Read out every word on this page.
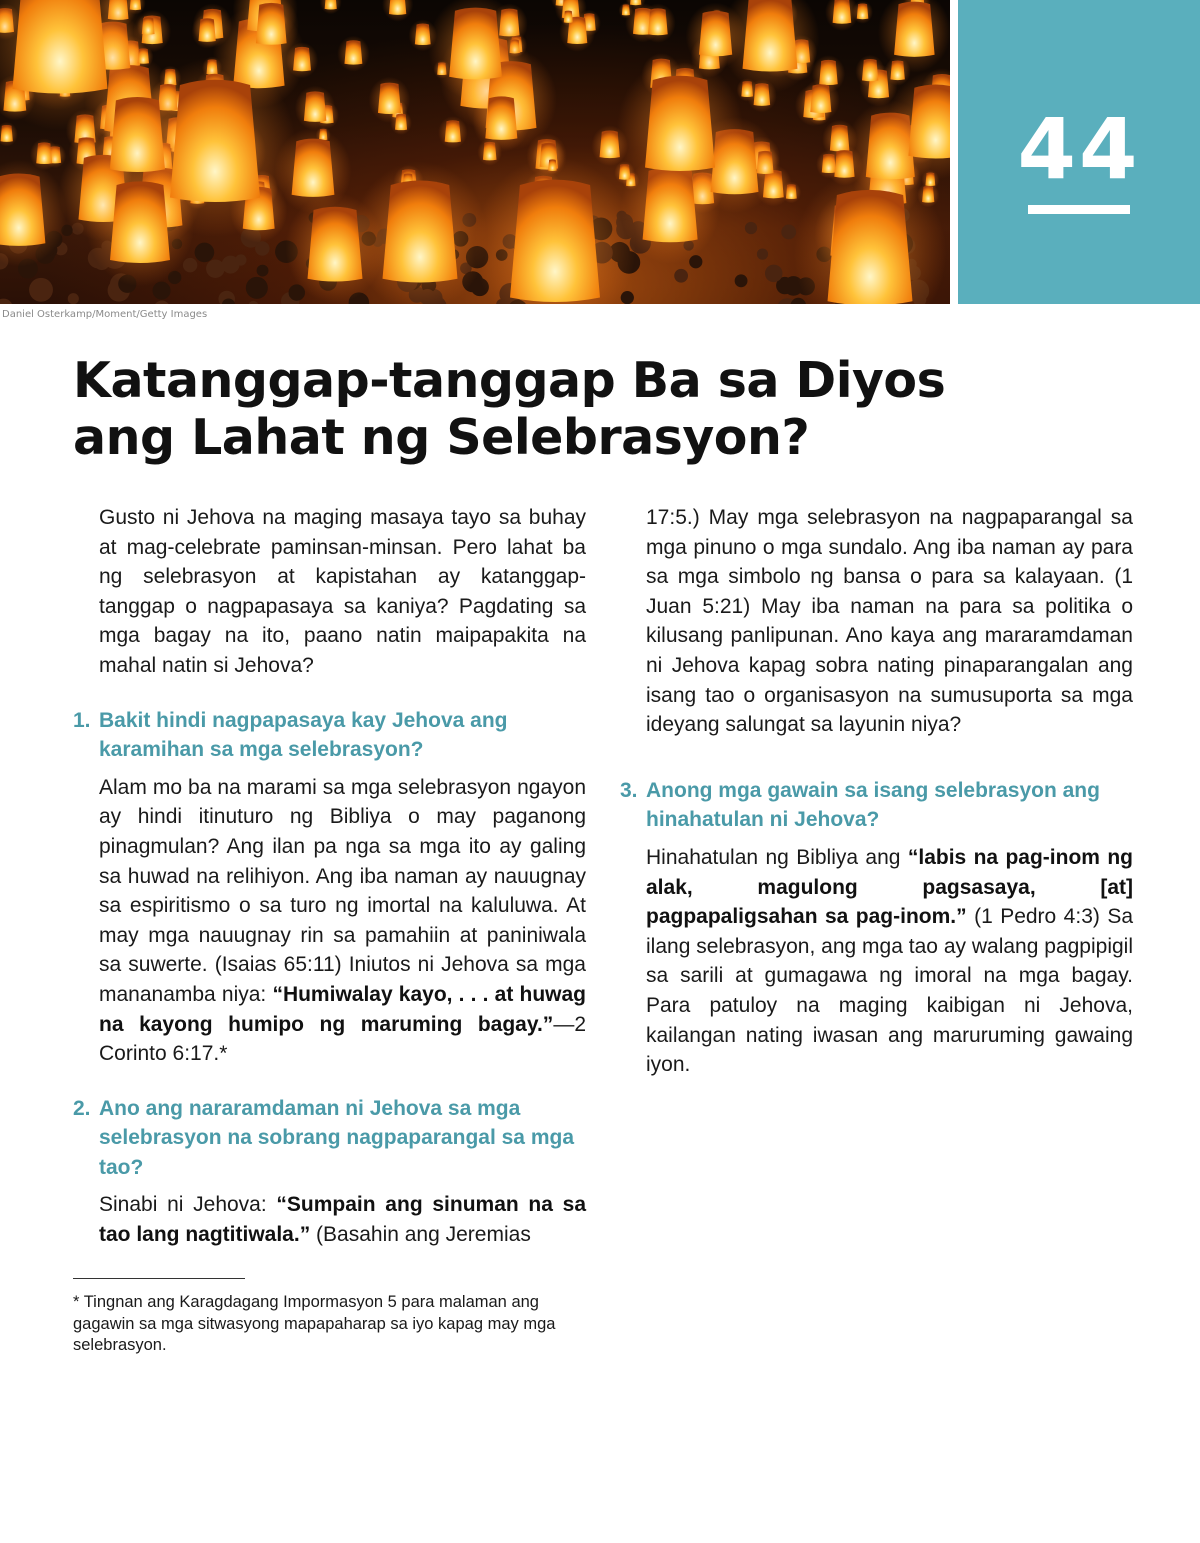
44
Daniel Osterkamp/Moment/Getty Images
Katanggap-tanggap Ba sa Diyos
ang Lahat ng Selebrasyon?

Gusto ni Jehova na maging masaya tayo sa buhay at mag-celebrate paminsan-minsan. Pero lahat ba ng selebrasyon at kapistahan ay katanggap-tanggap o nagpapasaya sa kaniya? Pagdating sa mga bagay na ito, paano natin maipapakita na mahal natin si Jehova?

1. Bakit hindi nagpapasaya kay Jehova ang karamihan sa mga selebrasyon?

Alam mo ba na marami sa mga selebrasyon ngayon ay hindi itinuturo ng Bibliya o may paganong pinagmulan? Ang ilan pa nga sa mga ito ay galing sa huwad na relihiyon. Ang iba naman ay nauugnay sa espiritismo o sa turo ng imortal na kaluluwa. At may mga nauugnay rin sa pamahiin at paniniwala sa suwerte. (Isaias 65:11) Iniutos ni Jehova sa mga mananamba niya: “Humiwalay kayo, . . . at huwag na kayong humipo ng maruming bagay.”—2 Corinto 6:17.*

2. Ano ang nararamdaman ni Jehova sa mga selebrasyon na sobrang nagpaparangal sa mga tao?

Sinabi ni Jehova: “Sumpain ang sinuman na sa tao lang nagtitiwala.” (Basahin ang Jeremias

17:5.) May mga selebrasyon na nagpaparangal sa mga pinuno o mga sundalo. Ang iba naman ay para sa mga simbolo ng bansa o para sa kalayaan. (1 Juan 5:21) May iba naman na para sa politika o kilusang panlipunan. Ano kaya ang mararamdaman ni Jehova kapag sobra nating pinaparangalan ang isang tao o organisasyon na sumusuporta sa mga ideyang salungat sa layunin niya?

3. Anong mga gawain sa isang selebrasyon ang hinahatulan ni Jehova?

Hinahatulan ng Bibliya ang “labis na pag-inom ng alak, magulong pagsasaya, [at] pagpapaligsahan sa pag-inom.” (1 Pedro 4:3) Sa ilang selebrasyon, ang mga tao ay walang pagpipigil sa sarili at gumagawa ng imoral na mga bagay. Para patuloy na maging kaibigan ni Jehova, kailangan nating iwasan ang maruruming gawaing iyon.

* Tingnan ang Karagdagang Impormasyon 5 para malaman ang gagawin sa mga sitwasyong mapapaharap sa iyo kapag may mga selebrasyon.
